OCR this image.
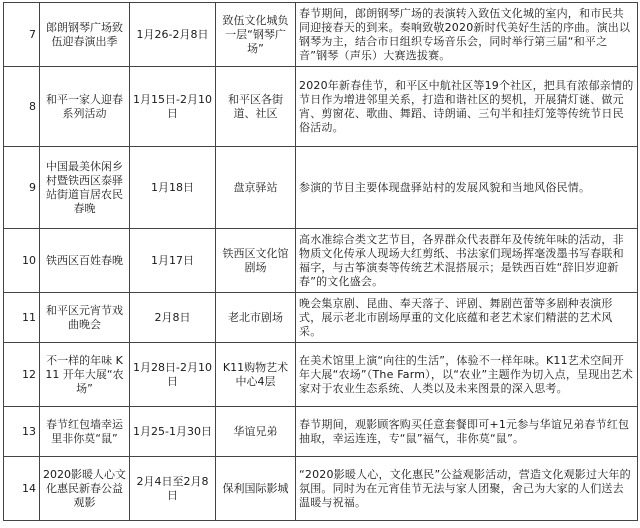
7	郎朗钢琴广场致伍迎春演出季	1月26-2月8日	致伍文化城负一层“钢琴广场”	春节期间，郎朗钢琴广场的表演转入致伍文化城的室内，和市民共同迎接春天的到来。奏响致敬2020新时代美好生活的序曲。演出以钢琴为主，结合市日组织专场音乐会，同时举行第三届“和平之音”钢琴（声乐）大赛选拔赛。
8	和平一家人迎春系列活动	1月15日-2月10日	和平区各街道、社区	2020年新春佳节，和平区中航社区等19个社区，把具有浓郁亲情的节日作为增进邻里关系，打造和谐社区的契机，开展猜灯谜、做元宵、剪窗花、歌曲、舞蹈、诗朗诵、三句半和挂灯笼等传统节日民俗活动。
9	中国最美休闲乡村暨铁西区泰驿站街道盲居农民春晚	1月18日	盘京驿站	参演的节目主要体现盘驿站村的发展风貌和当地风俗民情。
10	铁西区百姓春晚	1月17日	铁西区文化馆剧场	高水准综合类文艺节目，各界群众代表群年及传统年味的活动，非物质文化传承人现场大红剪纸、书法家们现场挥毫泼墨书写春联和福字，与古筝演奏等传统艺术混搭展示；是铁西百姓“辞旧岁迎新春”的文化盛会。
11	和平区元宵节戏曲晚会	2月8日	老北市剧场	晚会集京剧、昆曲、奉天落子、评剧、舞剧芭蕾等多剧种表演形式，展示老北市剧场厚重的文化底蕴和老艺术家们精湛的艺术风采。
12	不一样的年味 K11 开年大展“农场”	1月28日-2月10日	K11购物艺术中心4层	在美术馆里上演“向往的生活”，体验不一样年味。K11艺术空间开年大展“农场”（The Farm），以“农业”主题作为切入点，呈现出艺术家对于农业生态系统、人类以及未来图景的深入思考。
13	春节红包墙幸运里非你莫“鼠”	1月25-1月30日	华谊兄弟	春节期间，观影顾客购买任意套餐即可+1元参与华谊兄弟春节红包抽取，幸运连连，专“鼠”福气，非你莫“鼠”。
14	2020影暖人心文化惠民新春公益观影	2月4日至2月8日	保利国际影城	“2020影暖人心，文化惠民”公益观影活动，营造文化观影过大年的氛围。同时为在元宵佳节无法与家人团聚，舍己为大家的人们送去温暖与祝福。
